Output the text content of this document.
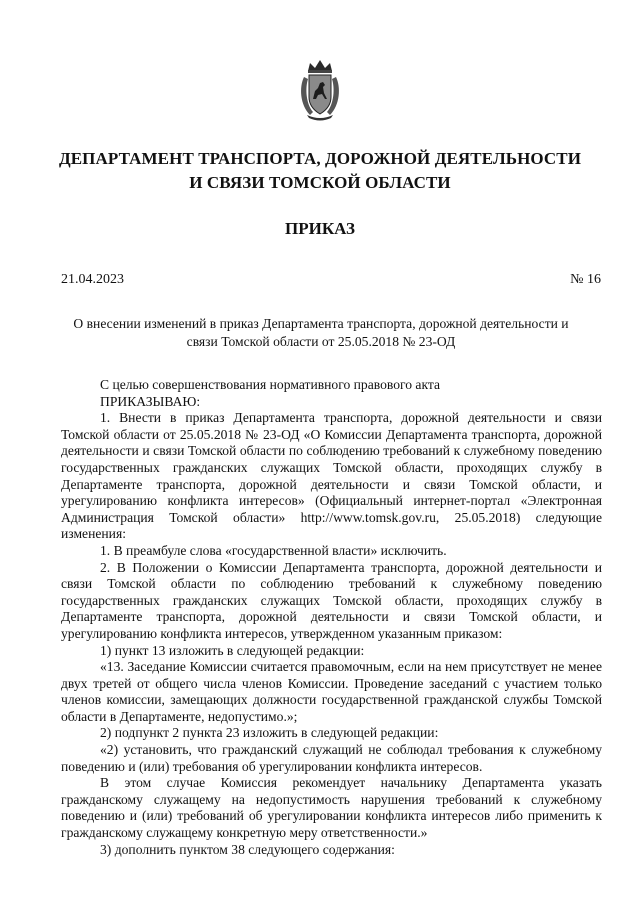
ДЕПАРТАМЕНТ ТРАНСПОРТА, ДОРОЖНОЙ ДЕЯТЕЛЬНОСТИ
И СВЯЗИ ТОМСКОЙ ОБЛАСТИ
ПРИКАЗ
21.04.2023	№ 16
О внесении изменений в приказ Департамента транспорта, дорожной деятельности и связи Томской области от 25.05.2018 № 23-ОД

С целью совершенствования нормативного правового акта

ПРИКАЗЫВАЮ:

1. Внести в приказ Департамента транспорта, дорожной деятельности и связи Томской области от 25.05.2018 № 23-ОД «О Комиссии Департамента транспорта, дорожной деятельности и связи Томской области по соблюдению требований к служебному поведению государственных гражданских служащих Томской области, проходящих службу в Департаменте транспорта, дорожной деятельности и связи Томской области, и урегулированию конфликта интересов» (Официальный интернет-портал «Электронная Администрация Томской области» http://www.tomsk.gov.ru, 25.05.2018) следующие изменения:

1. В преамбуле слова «государственной власти» исключить.

2. В Положении о Комиссии Департамента транспорта, дорожной деятельности и связи Томской области по соблюдению требований к служебному поведению государственных гражданских служащих Томской области, проходящих службу в Департаменте транспорта, дорожной деятельности и связи Томской области, и урегулированию конфликта интересов, утвержденном указанным приказом:

1) пункт 13 изложить в следующей редакции:

«13. Заседание Комиссии считается правомочным, если на нем присутствует не менее двух третей от общего числа членов Комиссии. Проведение заседаний с участием только членов комиссии, замещающих должности государственной гражданской службы Томской области в Департаменте, недопустимо.»;

2) подпункт 2 пункта 23 изложить в следующей редакции:

«2) установить, что гражданский служащий не соблюдал требования к служебному поведению и (или) требования об урегулировании конфликта интересов.

В этом случае Комиссия рекомендует начальнику Департамента указать гражданскому служащему на недопустимость нарушения требований к служебному поведению и (или) требований об урегулировании конфликта интересов либо применить к гражданскому служащему конкретную меру ответственности.»

3) дополнить пунктом 38 следующего содержания:
